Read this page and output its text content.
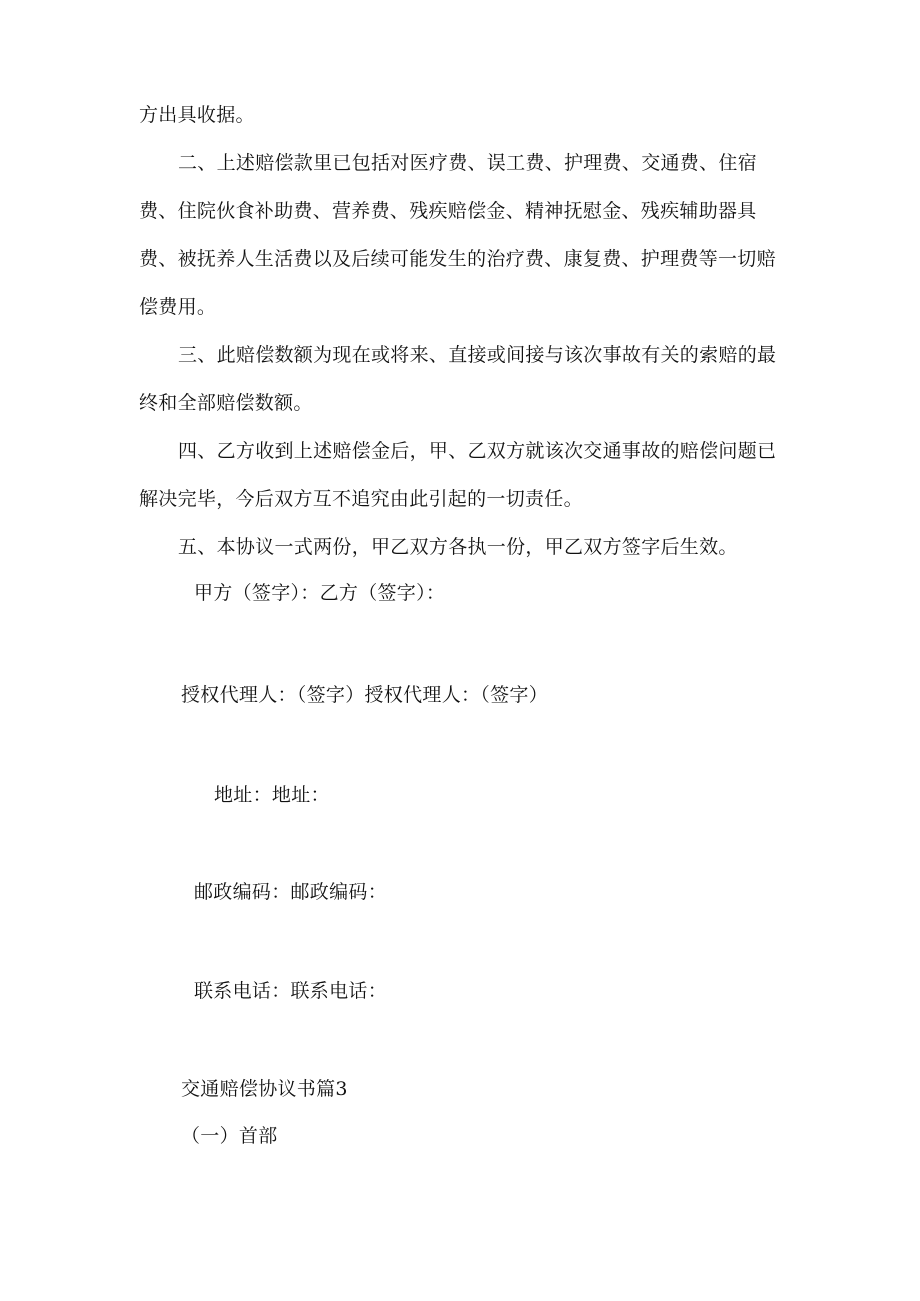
方出具收据。

二、上述赔偿款里已包括对医疗费、误工费、护理费、交通费、住宿费、住院伙食补助费、营养费、残疾赔偿金、精神抚慰金、残疾辅助器具费、被抚养人生活费以及后续可能发生的治疗费、康复费、护理费等一切赔偿费用。

三、此赔偿数额为现在或将来、直接或间接与该次事故有关的索赔的最终和全部赔偿数额。

四、乙方收到上述赔偿金后，甲、乙双方就该次交通事故的赔偿问题已解决完毕，今后双方互不追究由此引起的一切责任。

五、本协议一式两份，甲乙双方各执一份，甲乙双方签字后生效。

甲方（签字）：乙方（签字）：

授权代理人：（签字）授权代理人：（签字）

地址：地址：

邮政编码：邮政编码：

联系电话：联系电话：

交通赔偿协议书篇3

（一）首部
